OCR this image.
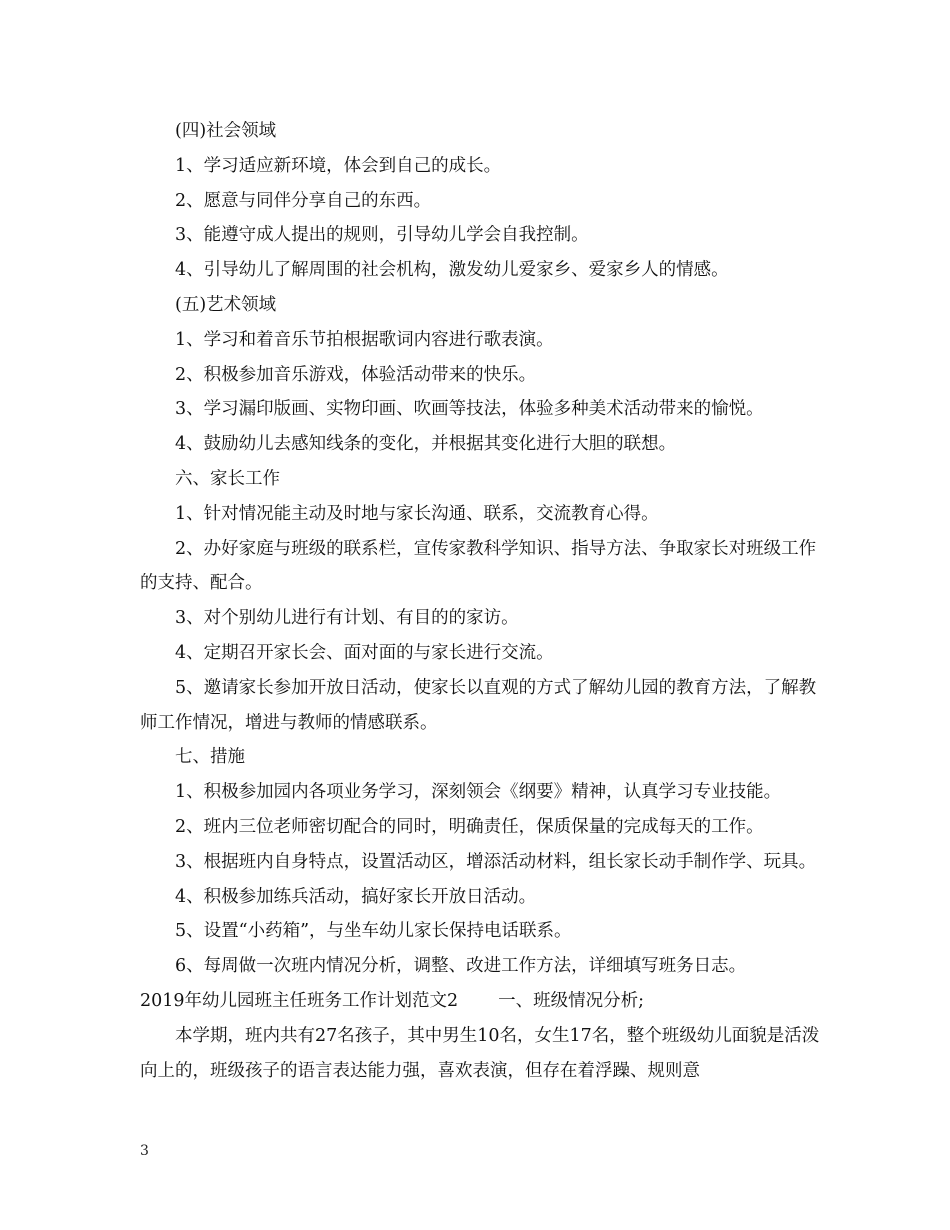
(四)社会领域

1、学习适应新环境，体会到自己的成长。

2、愿意与同伴分享自己的东西。

3、能遵守成人提出的规则，引导幼儿学会自我控制。

4、引导幼儿了解周围的社会机构，激发幼儿爱家乡、爱家乡人的情感。

(五)艺术领域

1、学习和着音乐节拍根据歌词内容进行歌表演。

2、积极参加音乐游戏，体验活动带来的快乐。

3、学习漏印版画、实物印画、吹画等技法，体验多种美术活动带来的愉悦。

4、鼓励幼儿去感知线条的变化，并根据其变化进行大胆的联想。

六、家长工作

1、针对情况能主动及时地与家长沟通、联系，交流教育心得。

2、办好家庭与班级的联系栏，宣传家教科学知识、指导方法、争取家长对班级工作的支持、配合。

3、对个别幼儿进行有计划、有目的的家访。

4、定期召开家长会、面对面的与家长进行交流。

5、邀请家长参加开放日活动，使家长以直观的方式了解幼儿园的教育方法，了解教师工作情况，增进与教师的情感联系。

七、措施

1、积极参加园内各项业务学习，深刻领会《纲要》精神，认真学习专业技能。

2、班内三位老师密切配合的同时，明确责任，保质保量的完成每天的工作。

3、根据班内自身特点，设置活动区，增添活动材料，组长家长动手制作学、玩具。

4、积极参加练兵活动，搞好家长开放日活动。

5、设置“小药箱”，与坐车幼儿家长保持电话联系。

6、每周做一次班内情况分析，调整、改进工作方法，详细填写班务日志。

2019年幼儿园班主任班务工作计划范文2 一、班级情况分析;

本学期，班内共有27名孩子，其中男生10名，女生17名，整个班级幼儿面貌是活泼向上的，班级孩子的语言表达能力强，喜欢表演，但存在着浮躁、规则意

3
